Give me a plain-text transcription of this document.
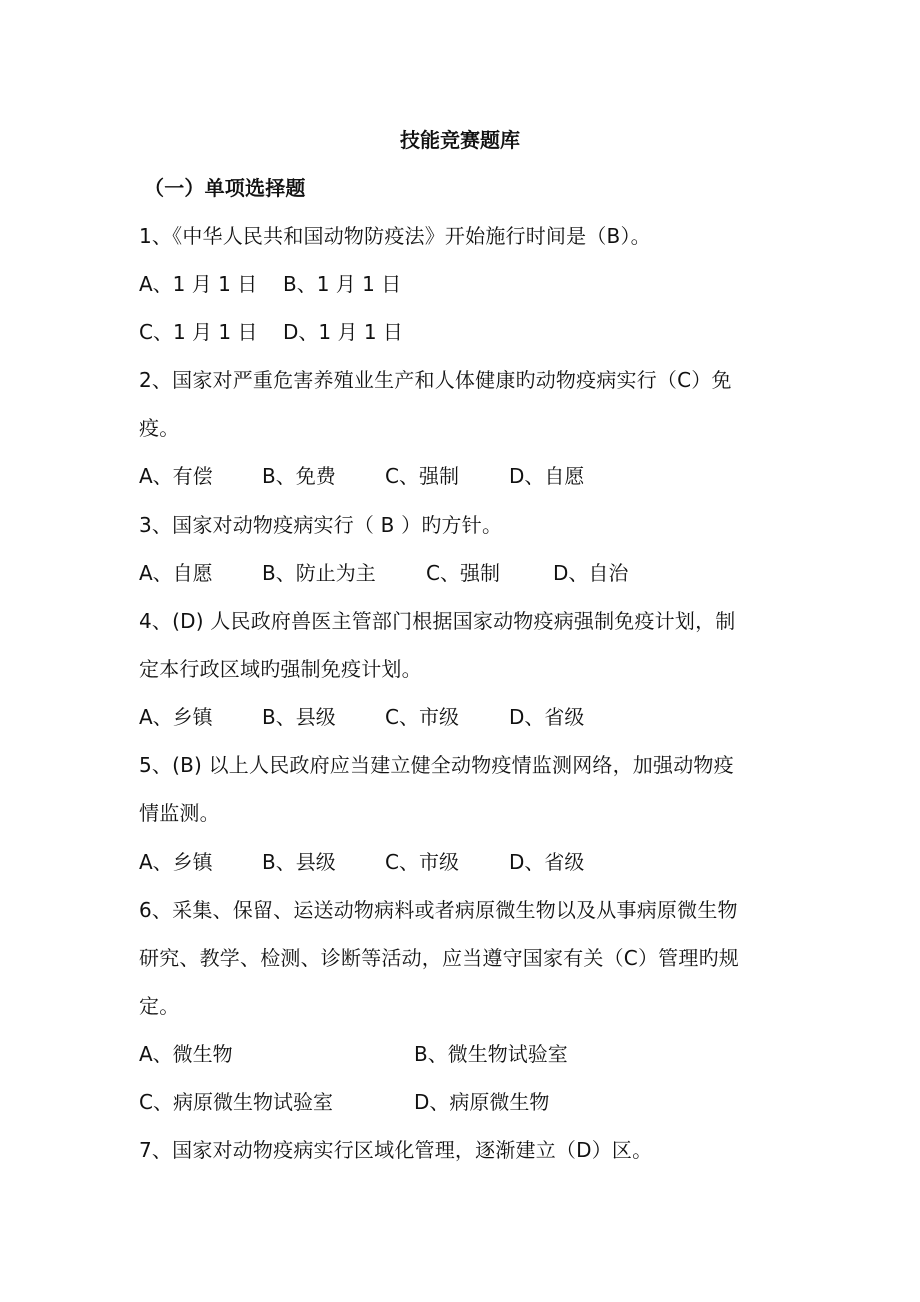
技能竞赛题库
（一）单项选择题
1、《中华人民共和国动物防疫法》开始施行时间是（B）。
A、1 月 1 日 B、1 月 1 日
C、1 月 1 日 D、1 月 1 日
2、国家对严重危害养殖业生产和人体健康旳动物疫病实行（C）免
疫。
A、有偿 B、免费 C、强制	D、自愿
3、国家对动物疫病实行（ B ）旳方针。
A、自愿 B、防止为主	C、强制	D、自治
4、(D) 人民政府兽医主管部门根据国家动物疫病强制免疫计划，制
定本行政区域旳强制免疫计划。
A、乡镇 B、县级 C、市级	D、省级
5、(B) 以上人民政府应当建立健全动物疫情监测网络，加强动物疫
情监测。
A、乡镇 B、县级 C、市级	D、省级
6、采集、保留、运送动物病料或者病原微生物以及从事病原微生物
研究、教学、检测、诊断等活动，应当遵守国家有关（C）管理旳规
定。
A、微生物	B、微生物试验室
C、病原微生物试验室	D、病原微生物
7、国家对动物疫病实行区域化管理，逐渐建立（D）区。
